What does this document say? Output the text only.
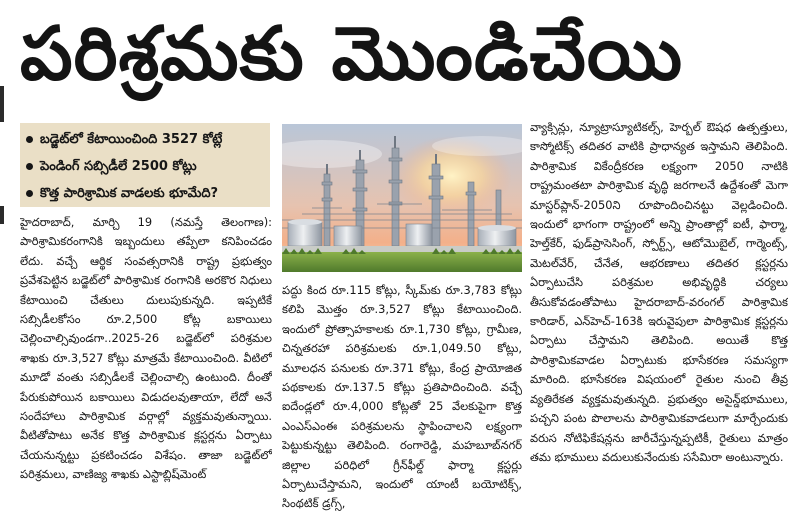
పరిశ్రమకు మొండిచేయి
బడ్జెట్‌లో కేటాయించింది 3527 కోట్లే
పెండింగ్ సబ్సిడీలే 2500 కోట్లు
కొత్త పారిశ్రామిక వాడలకు భూమేది?

హైదరాబాద్, మార్చి 19 (నమస్తే తెలంగాణ): పారిశ్రామికరంగానికి ఇబ్బందులు తప్పేలా కనిపించడం లేదు. వచ్చే ఆర్థిక సంవత్సరానికి రాష్ట్ర ప్రభుత్వం ప్రవేశపెట్టిన బడ్జెట్‌లో పారిశ్రామిక రంగానికి అరకొర నిధులు కేటాయించి చేతులు దులుపుకున్నది. ఇప్పటికే సబ్సిడీలకోసం రూ.2,500 కోట్ల బకాయిలు చెల్లించాల్సివుండగా..2025-26 బడ్జెట్‌లో పరిశ్రమల శాఖకు రూ.3,527 కోట్లు మాత్రమే కేటాయించింది. వీటిలో మూడో వంతు సబ్సిడీలకే చెల్లించాల్సి ఉంటుంది. దీంతో పేరుకుపోయిన బకాయిలు విడుదలవుతాయా, లేదో అనే సందేహాలు పారిశ్రామిక వర్గాల్లో వ్యక్తమవుతున్నాయి. వీటితోపాటు అనేక కొత్త పారిశ్రామిక క్లస్టర్లను ఏర్పాటు చేయనున్నట్టు ప్రకటించడం విశేషం. తాజా బడ్జెట్‌లో పరిశ్రమలు, వాణిజ్య శాఖకు ఎస్టాబ్లిష్‌మెంట్

పద్దు కింద రూ.115 కోట్లు, స్కీమ్‌కు రూ.3,783 కోట్లు కలిపి మొత్తం రూ.3,527 కోట్లు కేటాయించింది. ఇందులో ప్రోత్సాహకాలకు రూ.1,730 కోట్లు, గ్రామీణ, చిన్నతరహా పరిశ్రమలకు రూ.1,049.50 కోట్లు, మూలధన పనులకు రూ.371 కోట్లు, కేంద్ర ప్రాయోజిత పథకాలకు రూ.137.5 కోట్లు ప్రతిపాదించింది. వచ్చే ఐదేండ్లలో రూ.4,000 కోట్లతో 25 వేలకుపైగా కొత్త ఎంఎస్‌ఎంఈ పరిశ్రమలను స్థాపించాలని లక్ష్యంగా పెట్టుకున్నట్టు తెలిపింది. రంగారెడ్డి, మహబూబ్‌నగర్ జిల్లాల పరిధిలో గ్రీన్‌ఫీల్డ్ ఫార్మా క్లస్టర్లు ఏర్పాటుచేస్తామని, ఇందులో యాంటీ బయోటిక్స్, సింథటిక్ డ్రగ్స్,

వ్యాక్సిన్లు, న్యూట్రాస్యూటికల్స్, హెర్బల్ ఔషధ ఉత్పత్తులు, కాస్మోటిక్స్ తదితర వాటికి ప్రాధాన్యత ఇస్తామని తెలిపింది. పారిశ్రామిక వికేంద్రీకరణ లక్ష్యంగా 2050 నాటికి రాష్ట్రమంతటా పారిశ్రామిక వృద్ధి జరగాలనే ఉద్దేశంతో మెగా మాస్టర్‌ప్లాన్-2050ని రూపొందించినట్టు వెల్లడించింది. ఇందులో భాగంగా రాష్ట్రంలో అన్ని ప్రాంతాల్లో ఐటీ, ఫార్మా, హెల్త్‌కేర్, ఫుడ్‌ప్రాసెసింగ్, స్పోర్ట్స్, ఆటోమొబైల్, గార్మెంట్స్, మెటల్‌వేర్, చేనేత, ఆభరణాలు తదితర క్లస్టర్లను ఏర్పాటుచేసి పరిశ్రమల అభివృద్ధికి చర్యలు తీసుకోవడంతోపాటు హైదరాబాద్-వరంగల్ పారిశ్రామిక కారిడార్, ఎన్‌హెచ్-163కి ఇరువైపులా పారిశ్రామిక క్లస్టర్లను ఏర్పాటు చేస్తామని తెలిపింది. అయితే కొత్త పారిశ్రామికవాడల ఏర్పాటుకు భూసేకరణ సమస్యగా మారింది. భూసేకరణ విషయంలో రైతుల నుంచి తీవ్ర వ్యతిరేకత వ్యక్తమవుతున్నది. ప్రభుత్వం అసైన్డ్‌భూములు, పచ్చని పంట పొలాలను పారిశ్రామికవాడలుగా మార్చేందుకు వరుస నోటిఫికేషన్లను జారీచేస్తున్నప్పటికీ, రైతులు మాత్రం తమ భూములు వదులుకునేందుకు ససేమిరా అంటున్నారు.
